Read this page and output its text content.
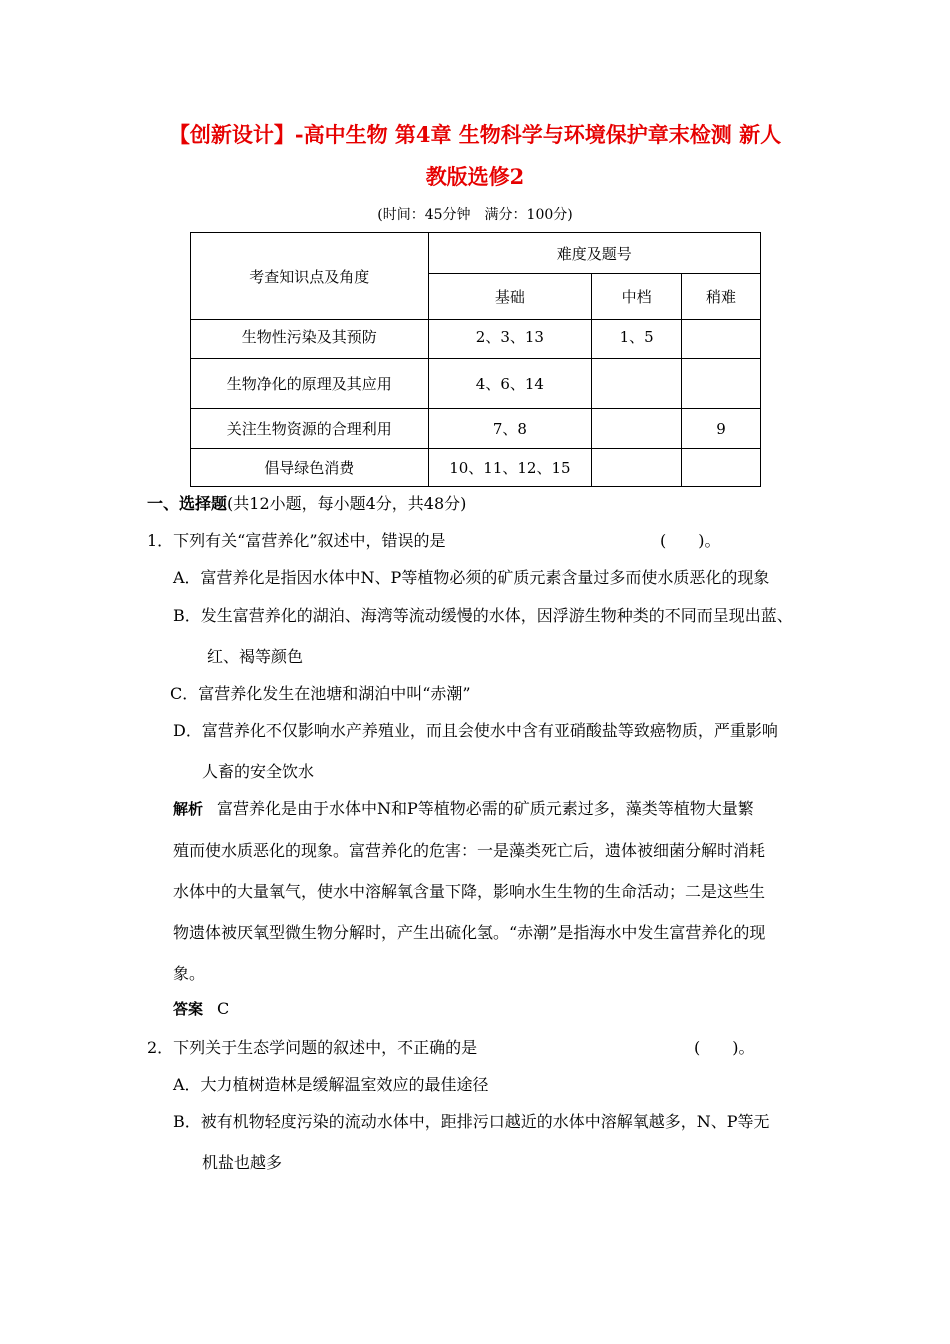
【创新设计】-高中生物 第4章 生物科学与环境保护章末检测 新人
教版选修2
(时间：45分钟　满分：100分)
考查知识点及角度	难度及题号		
	基础	中档	稍难
生物性污染及其预防	2、3、13	1、5	
生物净化的原理及其应用	4、6、14		
关注生物资源的合理利用	7、8		9
倡导绿色消费	10、11、12、15		
一、选择题(共12小题，每小题4分，共48分)
1．下列有关“富营养化”叙述中，错误的是	(　　)。
A．富营养化是指因水体中N、P等植物必须的矿质元素含量过多而使水质恶化的现象
B．发生富营养化的湖泊、海湾等流动缓慢的水体，因浮游生物种类的不同而呈现出蓝、
红、褐等颜色
C．富营养化发生在池塘和湖泊中叫“赤潮”
D．富营养化不仅影响水产养殖业，而且会使水中含有亚硝酸盐等致癌物质，严重影响
人畜的安全饮水
解析 富营养化是由于水体中N和P等植物必需的矿质元素过多，藻类等植物大量繁
殖而使水质恶化的现象。富营养化的危害：一是藻类死亡后，遗体被细菌分解时消耗
水体中的大量氧气，使水中溶解氧含量下降，影响水生生物的生命活动；二是这些生
物遗体被厌氧型微生物分解时，产生出硫化氢。“赤潮”是指海水中发生富营养化的现
象。
答案 C
2．下列关于生态学问题的叙述中，不正确的是	(　　)。
A．大力植树造林是缓解温室效应的最佳途径
B．被有机物轻度污染的流动水体中，距排污口越近的水体中溶解氧越多，N、P等无
机盐也越多
